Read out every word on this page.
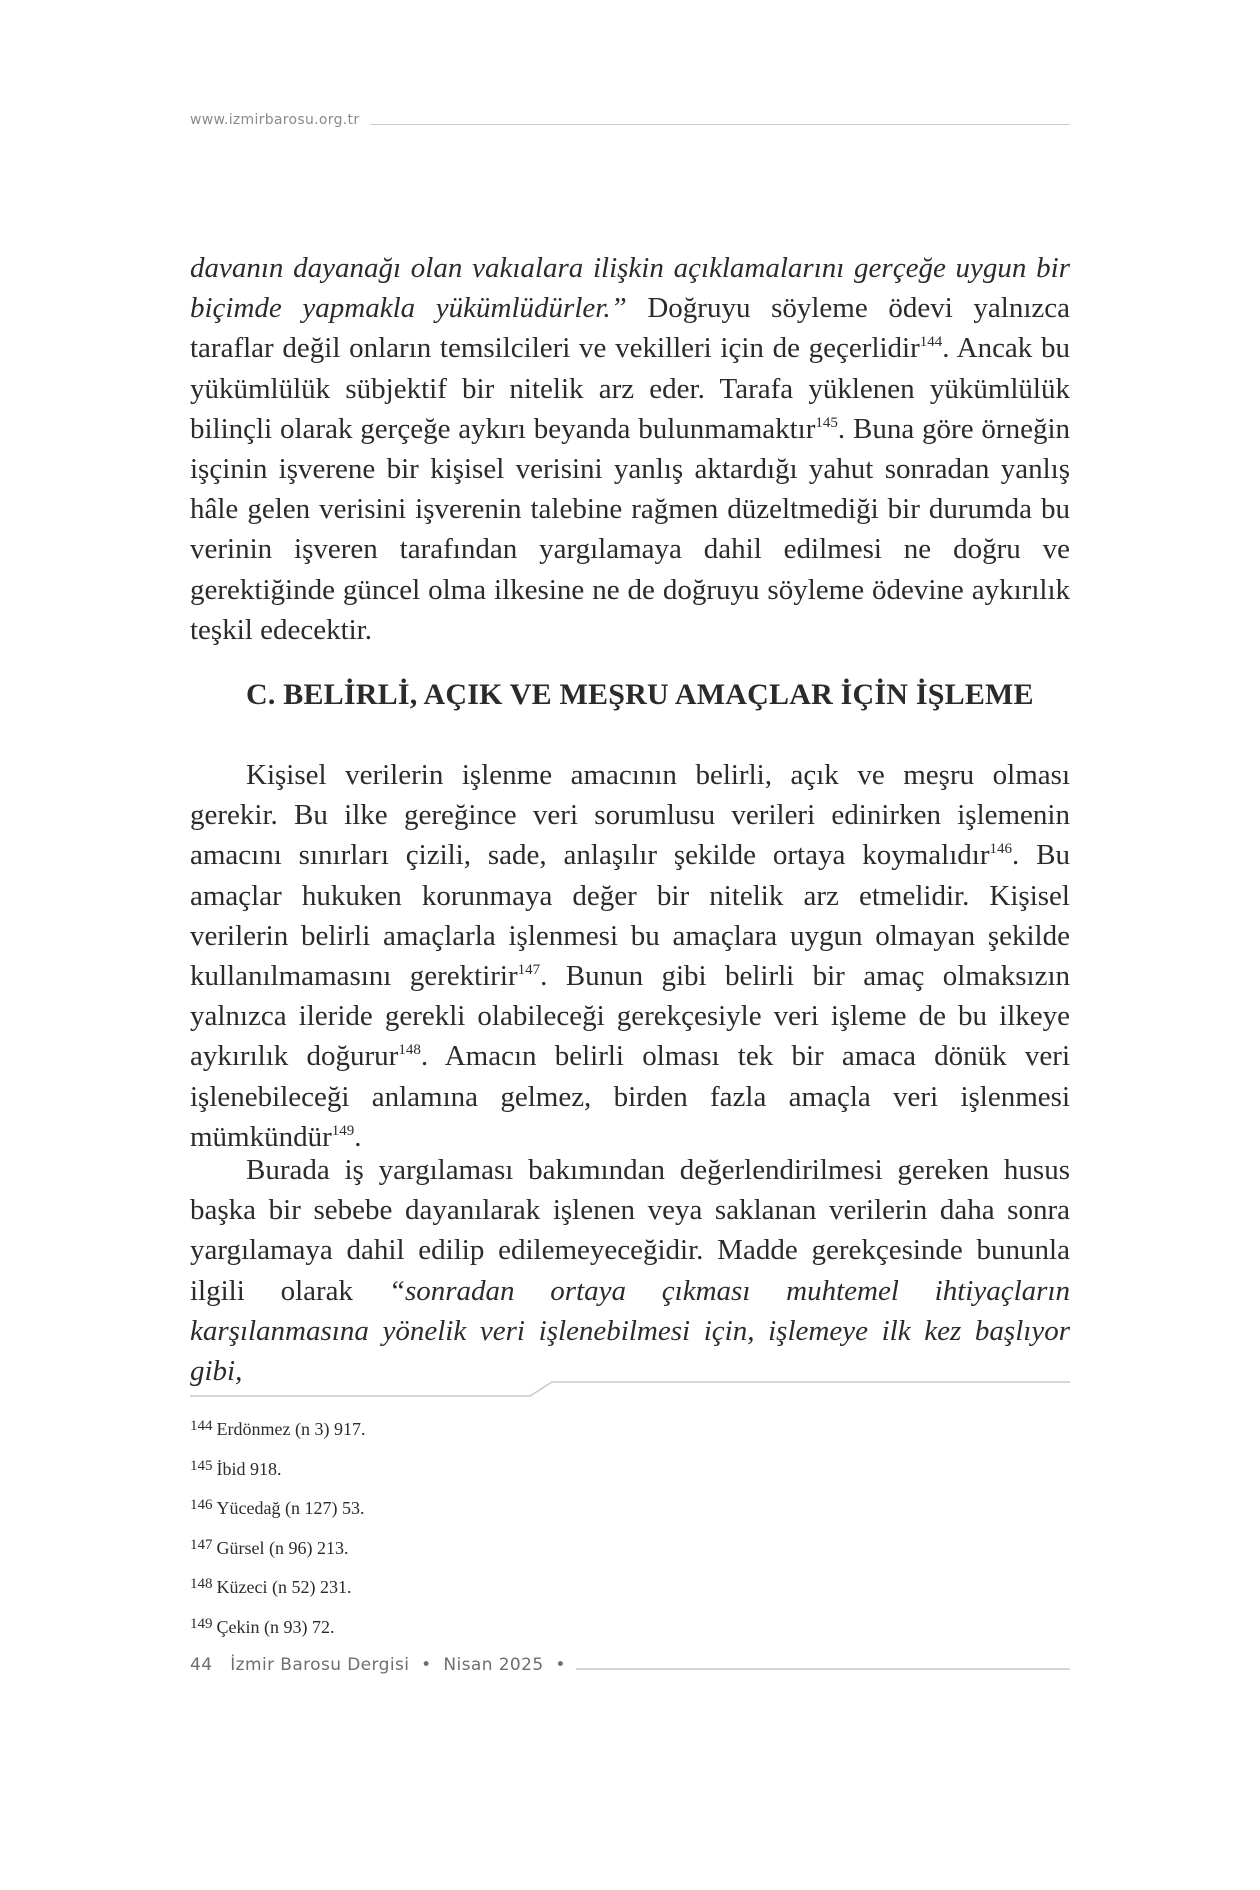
www.izmirbarosu.org.tr

davanın dayanağı olan vakıalara ilişkin açıklamalarını gerçeğe uygun bir biçimde yapmakla yükümlüdürler.” Doğruyu söyleme ödevi yalnızca taraflar değil onların temsilcileri ve vekilleri için de geçerlidir$^{144}$. Ancak bu yükümlülük sübjektif bir nitelik arz eder. Tarafa yüklenen yükümlülük bilinçli olarak gerçeğe aykırı beyanda bulunmamaktır$^{145}$. Buna göre örneğin işçinin işverene bir kişisel verisini yanlış aktardığı yahut sonradan yanlış hâle gelen verisini işverenin talebine rağmen düzeltmediği bir durumda bu verinin işveren tarafından yargılamaya dahil edilmesi ne doğru ve gerektiğinde güncel olma ilkesine ne de doğruyu söyleme ödevine aykırılık teşkil edecektir.

C. BELİRLİ, AÇIK VE MEŞRU AMAÇLAR İÇİN İŞLEME

Kişisel verilerin işlenme amacının belirli, açık ve meşru olması gerekir. Bu ilke gereğince veri sorumlusu verileri edinirken işlemenin amacını sınırları çizili, sade, anlaşılır şekilde ortaya koymalıdır$^{146}$. Bu amaçlar hukuken korunmaya değer bir nitelik arz etmelidir. Kişisel verilerin belirli amaçlarla işlenmesi bu amaçlara uygun olmayan şekilde kullanılmamasını gerektirir$^{147}$. Bunun gibi belirli bir amaç olmaksızın yalnızca ileride gerekli olabileceği gerekçesiyle veri işleme de bu ilkeye aykırılık doğurur$^{148}$. Amacın belirli olması tek bir amaca dönük veri işlenebileceği anlamına gelmez, birden fazla amaçla veri işlenmesi mümkündür$^{149}$.

Burada iş yargılaması bakımından değerlendirilmesi gereken husus başka bir sebebe dayanılarak işlenen veya saklanan verilerin daha sonra yargılamaya dahil edilip edilemeyeceğidir. Madde gerekçesinde bununla ilgili olarak “sonradan ortaya çıkması muhtemel ihtiyaçların karşılanmasına yönelik veri işlenebilmesi için, işlemeye ilk kez başlıyor gibi,

$^{144}$ Erdönmez (n 3) 917.
$^{145}$ İbid 918.
$^{146}$ Yücedağ (n 127) 53.
$^{147}$ Gürsel (n 96) 213.
$^{148}$ Küzeci (n 52) 231.
$^{149}$ Çekin (n 93) 72.
44 İzmir Barosu Dergisi • Nisan 2025 •
